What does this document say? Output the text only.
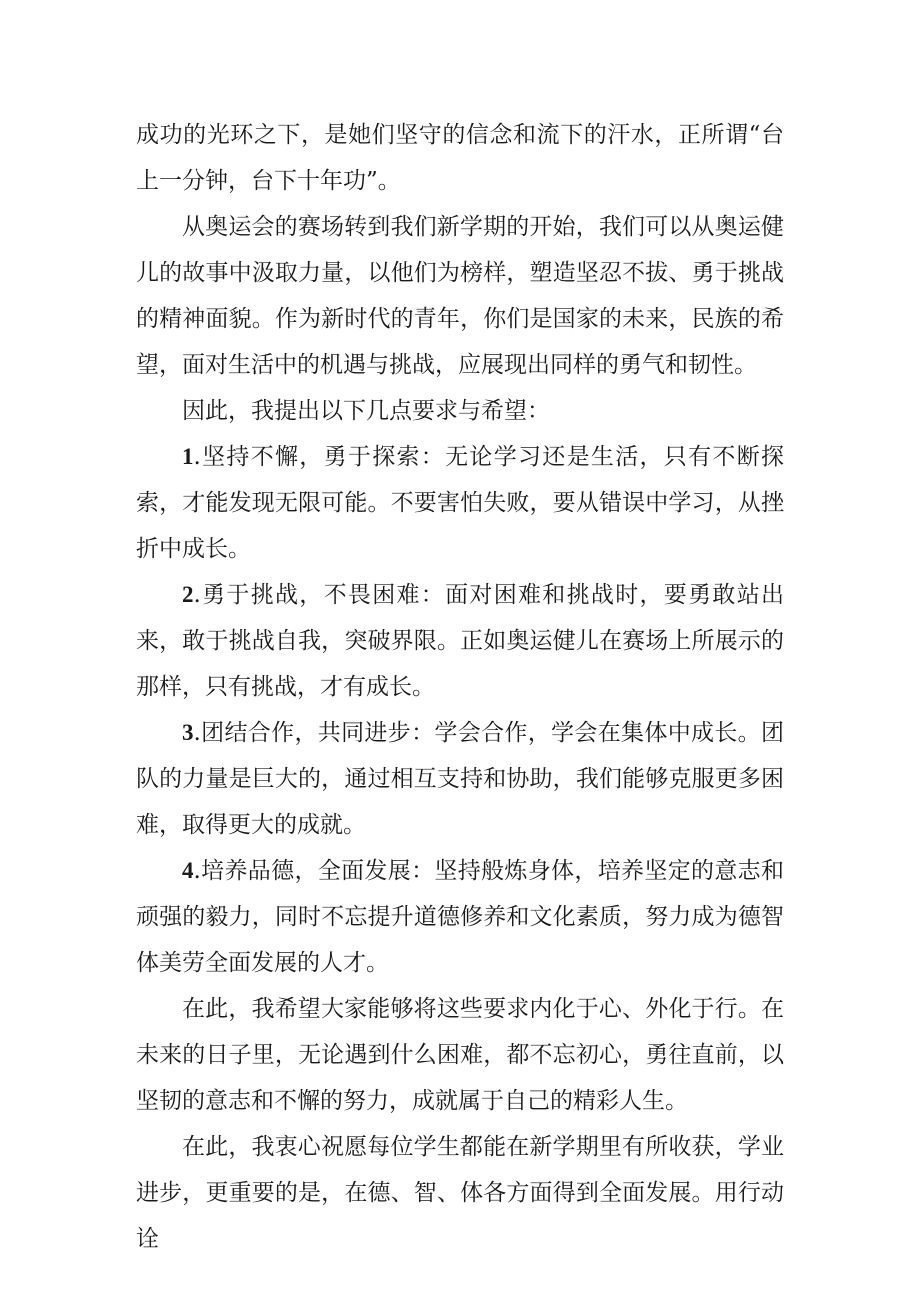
成功的光环之下，是她们坚守的信念和流下的汗水，正所谓“台上一分钟，台下十年功”。

从奥运会的赛场转到我们新学期的开始，我们可以从奥运健儿的故事中汲取力量，以他们为榜样，塑造坚忍不拔、勇于挑战的精神面貌。作为新时代的青年，你们是国家的未来，民族的希望，面对生活中的机遇与挑战，应展现出同样的勇气和韧性。

因此，我提出以下几点要求与希望：

1.坚持不懈，勇于探索：无论学习还是生活，只有不断探索，才能发现无限可能。不要害怕失败，要从错误中学习，从挫折中成长。

2.勇于挑战，不畏困难：面对困难和挑战时，要勇敢站出来，敢于挑战自我，突破界限。正如奥运健儿在赛场上所展示的那样，只有挑战，才有成长。

3.团结合作，共同进步：学会合作，学会在集体中成长。团队的力量是巨大的，通过相互支持和协助，我们能够克服更多困难，取得更大的成就。

4.培养品德，全面发展：坚持般炼身体，培养坚定的意志和顽强的毅力，同时不忘提升道德修养和文化素质，努力成为德智体美劳全面发展的人才。

在此，我希望大家能够将这些要求内化于心、外化于行。在未来的日子里，无论遇到什么困难，都不忘初心，勇往直前，以坚韧的意志和不懈的努力，成就属于自己的精彩人生。

在此，我衷心祝愿每位学生都能在新学期里有所收获，学业进步，更重要的是，在德、智、体各方面得到全面发展。用行动诠
